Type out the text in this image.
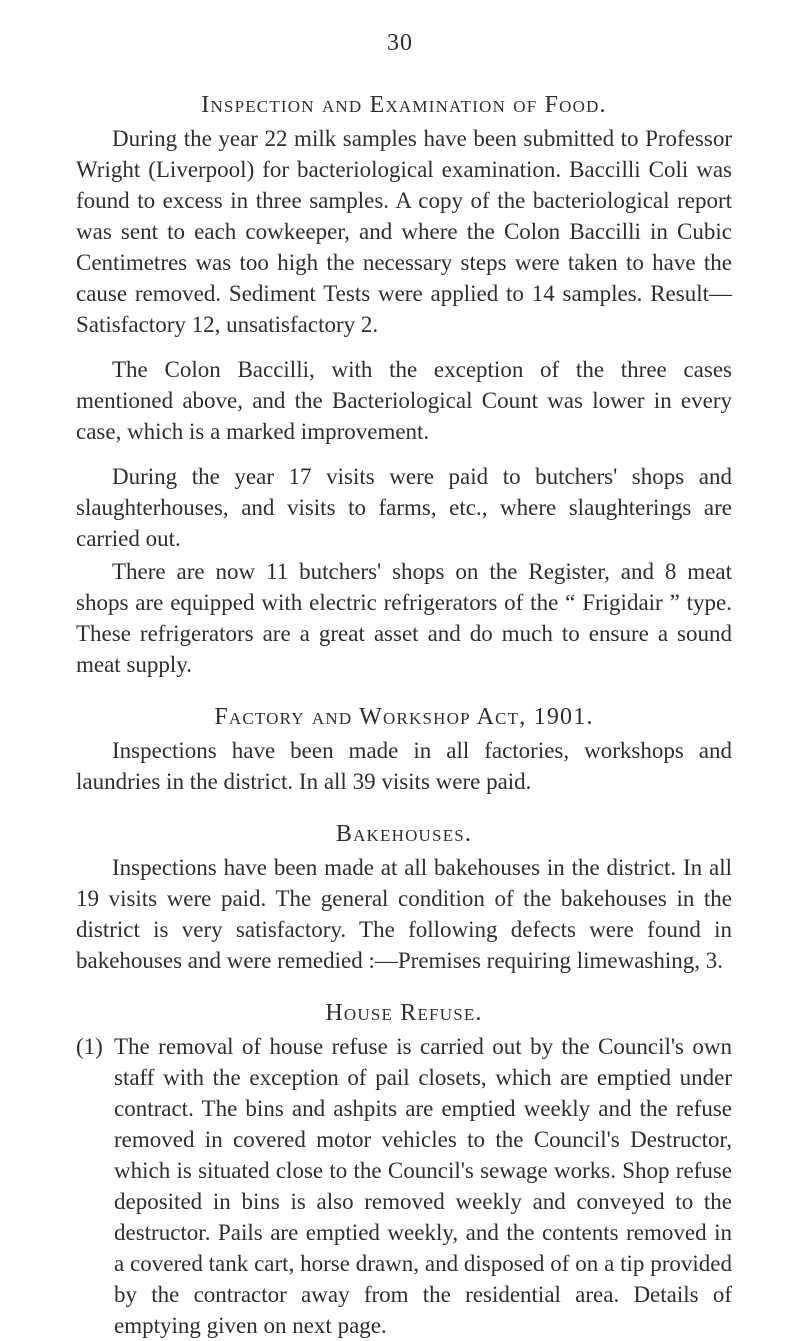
30
Inspection and Examination of Food.

During the year 22 milk samples have been submitted to Professor Wright (Liverpool) for bacteriological examination. Baccilli Coli was found to excess in three samples. A copy of the bacteriological report was sent to each cowkeeper, and where the Colon Baccilli in Cubic Centimetres was too high the necessary steps were taken to have the cause removed. Sediment Tests were applied to 14 samples. Result—Satisfactory 12, unsatisfactory 2.

The Colon Baccilli, with the exception of the three cases mentioned above, and the Bacteriological Count was lower in every case, which is a marked improvement.

During the year 17 visits were paid to butchers' shops and slaughterhouses, and visits to farms, etc., where slaughterings are carried out.

There are now 11 butchers' shops on the Register, and 8 meat shops are equipped with electric refrigerators of the “ Frigidair ” type. These refrigerators are a great asset and do much to ensure a sound meat supply.

Factory and Workshop Act, 1901.

Inspections have been made in all factories, workshops and laundries in the district. In all 39 visits were paid.

Bakehouses.

Inspections have been made at all bakehouses in the district. In all 19 visits were paid. The general condition of the bakehouses in the district is very satisfactory. The following defects were found in bakehouses and were remedied :—Premises requiring limewashing, 3.

House Refuse.
(1) The removal of house refuse is carried out by the Council's own staff with the exception of pail closets, which are emptied under contract. The bins and ashpits are emptied weekly and the refuse removed in covered motor vehicles to the Council's Destructor, which is situated close to the Council's sewage works. Shop refuse deposited in bins is also removed weekly and conveyed to the destructor. Pails are emptied weekly, and the contents removed in a covered tank cart, horse drawn, and disposed of on a tip provided by the contractor away from the residential area. Details of emptying given on next page.
